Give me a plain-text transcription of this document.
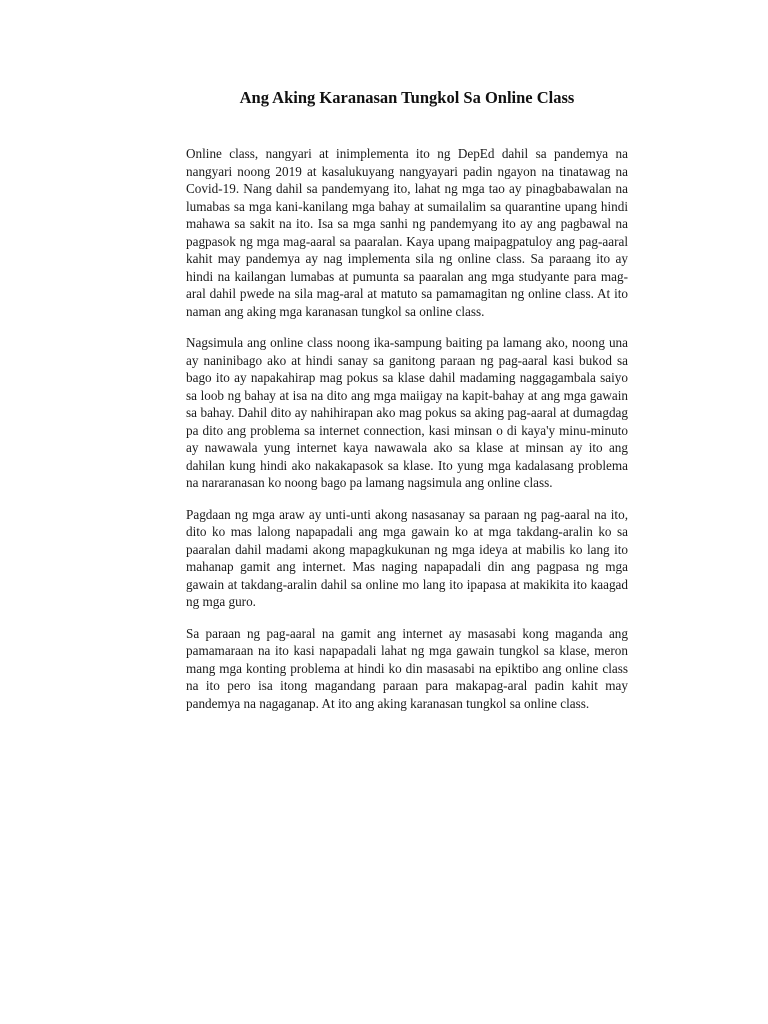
Ang Aking Karanasan Tungkol Sa Online Class

Online class, nangyari at inimplementa ito ng DepEd dahil sa pandemya na nangyari noong 2019 at kasalukuyang nangyayari padin ngayon na tinatawag na Covid-19. Nang dahil sa pandemyang ito, lahat ng mga tao ay pinagbabawalan na lumabas sa mga kani-kanilang mga bahay at sumailalim sa quarantine upang hindi mahawa sa sakit na ito. Isa sa mga sanhi ng pandemyang ito ay ang pagbawal na pagpasok ng mga mag-aaral sa paaralan. Kaya upang maipagpatuloy ang pag-aaral kahit may pandemya ay nag implementa sila ng online class. Sa paraang ito ay hindi na kailangan lumabas at pumunta sa paaralan ang mga studyante para mag-aral dahil pwede na sila mag-aral at matuto sa pamamagitan ng online class. At ito naman ang aking mga karanasan tungkol sa online class.

Nagsimula ang online class noong ika-sampung baiting pa lamang ako, noong una ay naninibago ako at hindi sanay sa ganitong paraan ng pag-aaral kasi bukod sa bago ito ay napakahirap mag pokus sa klase dahil madaming naggagambala saiyo sa loob ng bahay at isa na dito ang mga maiigay na kapit-bahay at ang mga gawain sa bahay. Dahil dito ay nahihirapan ako mag pokus sa aking pag-aaral at dumagdag pa dito ang problema sa internet connection, kasi minsan o di kaya'y minu-minuto ay nawawala yung internet kaya nawawala ako sa klase at minsan ay ito ang dahilan kung hindi ako nakakapasok sa klase. Ito yung mga kadalasang problema na nararanasan ko noong bago pa lamang nagsimula ang online class.

Pagdaan ng mga araw ay unti-unti akong nasasanay sa paraan ng pag-aaral na ito, dito ko mas lalong napapadali ang mga gawain ko at mga takdang-aralin ko sa paaralan dahil madami akong mapagkukunan ng mga ideya at mabilis ko lang ito mahanap gamit ang internet. Mas naging napapadali din ang pagpasa ng mga gawain at takdang-aralin dahil sa online mo lang ito ipapasa at makikita ito kaagad ng mga guro.

Sa paraan ng pag-aaral na gamit ang internet ay masasabi kong maganda ang pamamaraan na ito kasi napapadali lahat ng mga gawain tungkol sa klase, meron mang mga konting problema at hindi ko din masasabi na epiktibo ang online class na ito pero isa itong magandang paraan para makapag-aral padin kahit may pandemya na nagaganap. At ito ang aking karanasan tungkol sa online class.
